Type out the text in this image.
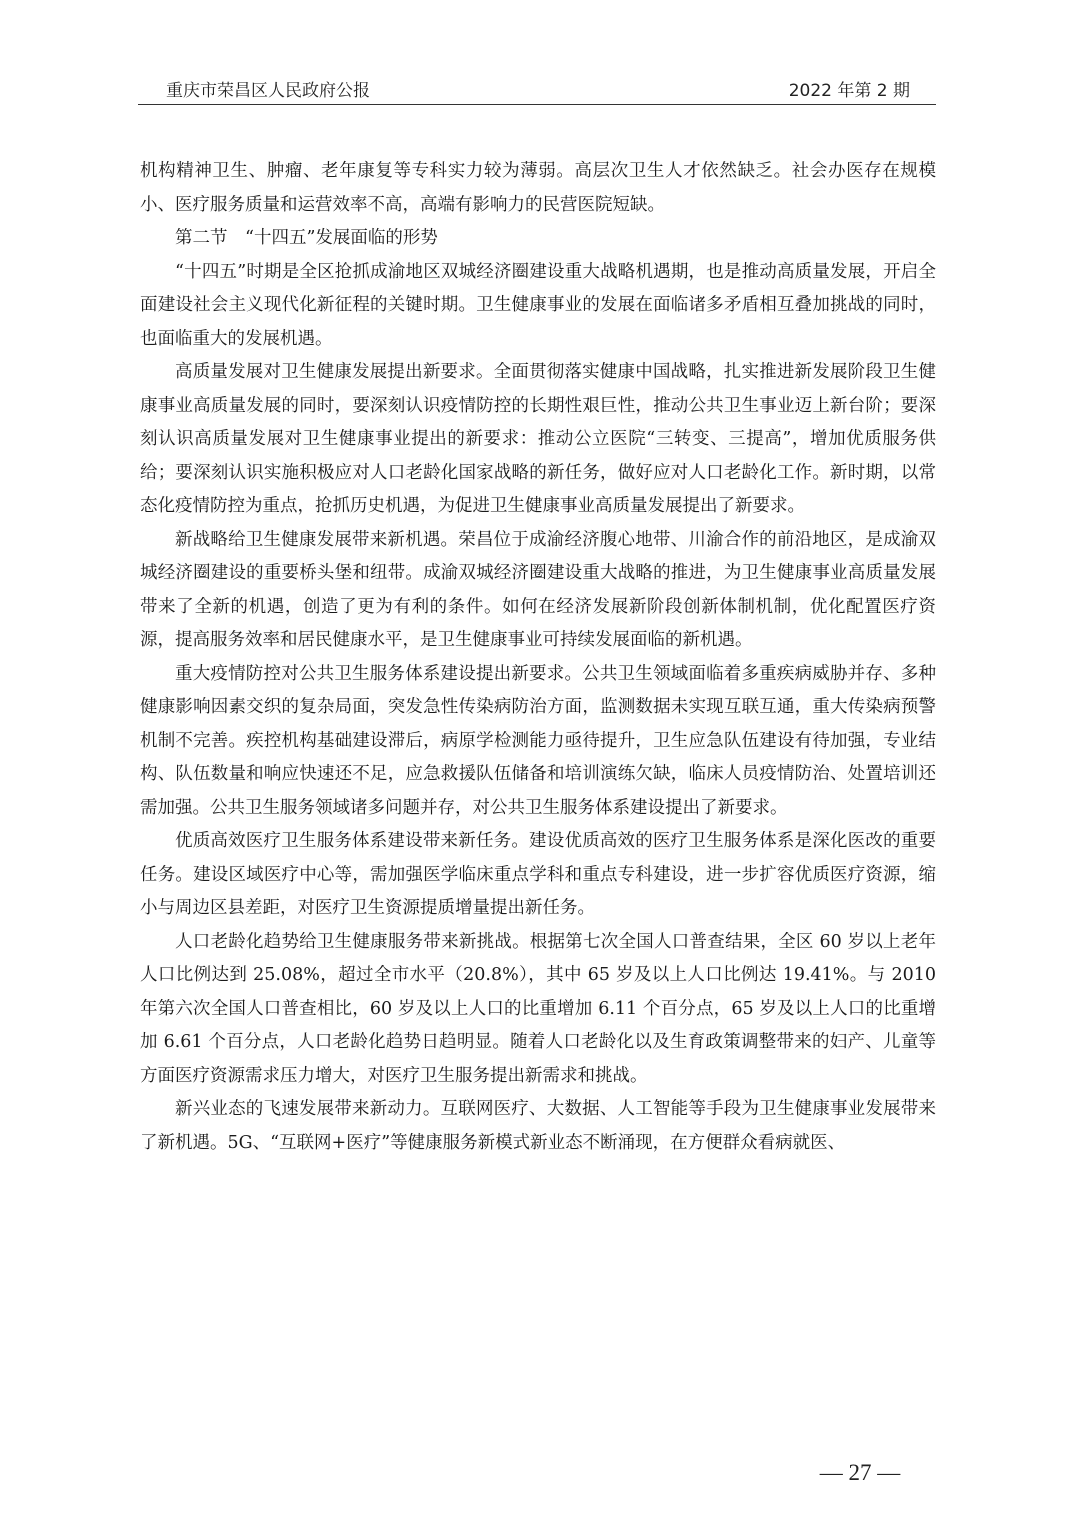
重庆市荣昌区人民政府公报	2022 年第 2 期

机构精神卫生、肿瘤、老年康复等专科实力较为薄弱。高层次卫生人才依然缺乏。社会办医存在规模小、医疗服务质量和运营效率不高，高端有影响力的民营医院短缺。

第二节　“十四五”发展面临的形势

“十四五”时期是全区抢抓成渝地区双城经济圈建设重大战略机遇期，也是推动高质量发展，开启全面建设社会主义现代化新征程的关键时期。卫生健康事业的发展在面临诸多矛盾相互叠加挑战的同时，也面临重大的发展机遇。

高质量发展对卫生健康发展提出新要求。全面贯彻落实健康中国战略，扎实推进新发展阶段卫生健康事业高质量发展的同时，要深刻认识疫情防控的长期性艰巨性，推动公共卫生事业迈上新台阶；要深刻认识高质量发展对卫生健康事业提出的新要求：推动公立医院“三转变、三提高”，增加优质服务供给；要深刻认识实施积极应对人口老龄化国家战略的新任务，做好应对人口老龄化工作。新时期，以常态化疫情防控为重点，抢抓历史机遇，为促进卫生健康事业高质量发展提出了新要求。

新战略给卫生健康发展带来新机遇。荣昌位于成渝经济腹心地带、川渝合作的前沿地区，是成渝双城经济圈建设的重要桥头堡和纽带。成渝双城经济圈建设重大战略的推进，为卫生健康事业高质量发展带来了全新的机遇，创造了更为有利的条件。如何在经济发展新阶段创新体制机制，优化配置医疗资源，提高服务效率和居民健康水平，是卫生健康事业可持续发展面临的新机遇。

重大疫情防控对公共卫生服务体系建设提出新要求。公共卫生领域面临着多重疾病威胁并存、多种健康影响因素交织的复杂局面，突发急性传染病防治方面，监测数据未实现互联互通，重大传染病预警机制不完善。疾控机构基础建设滞后，病原学检测能力亟待提升，卫生应急队伍建设有待加强，专业结构、队伍数量和响应快速还不足，应急救援队伍储备和培训演练欠缺，临床人员疫情防治、处置培训还需加强。公共卫生服务领域诸多问题并存，对公共卫生服务体系建设提出了新要求。

优质高效医疗卫生服务体系建设带来新任务。建设优质高效的医疗卫生服务体系是深化医改的重要任务。建设区域医疗中心等，需加强医学临床重点学科和重点专科建设，进一步扩容优质医疗资源，缩小与周边区县差距，对医疗卫生资源提质增量提出新任务。

人口老龄化趋势给卫生健康服务带来新挑战。根据第七次全国人口普查结果，全区 60 岁以上老年人口比例达到 25.08%，超过全市水平（20.8%），其中 65 岁及以上人口比例达 19.41%。与 2010 年第六次全国人口普查相比，60 岁及以上人口的比重增加 6.11 个百分点，65 岁及以上人口的比重增加 6.61 个百分点，人口老龄化趋势日趋明显。随着人口老龄化以及生育政策调整带来的妇产、儿童等方面医疗资源需求压力增大，对医疗卫生服务提出新需求和挑战。

新兴业态的飞速发展带来新动力。互联网医疗、大数据、人工智能等手段为卫生健康事业发展带来了新机遇。5G、“互联网+医疗”等健康服务新模式新业态不断涌现，在方便群众看病就医、

— 27 —
